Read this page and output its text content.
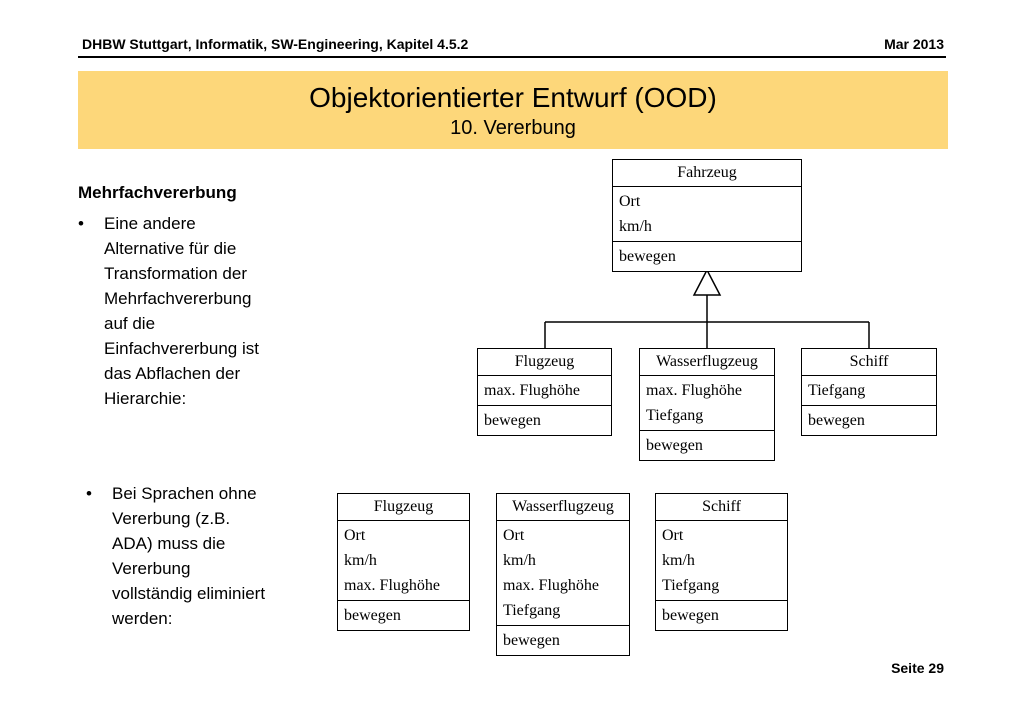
DHBW Stuttgart, Informatik, SW-Engineering, Kapitel 4.5.2	Mar 2013
Objektorientierter Entwurf (OOD)
10. Vererbung
Mehrfachvererbung
• Eine andere
Alternative für die
Transformation der
Mehrfachvererbung
auf die
Einfachvererbung ist
das Abflachen der
Hierarchie:
• Bei Sprachen ohne
Vererbung (z.B.
ADA) muss die
Vererbung
vollständig eliminiert
werden:
Fahrzeug
Ort
km/h
bewegen
Flugzeug
max. Flughöhe
bewegen
Wasserflugzeug
max. Flughöhe
Tiefgang
bewegen
Schiff
Tiefgang
bewegen
Flugzeug
Ort
km/h
max. Flughöhe
bewegen
Wasserflugzeug
Ort
km/h
max. Flughöhe
Tiefgang
bewegen
Schiff
Ort
km/h
Tiefgang
bewegen
Seite 29
